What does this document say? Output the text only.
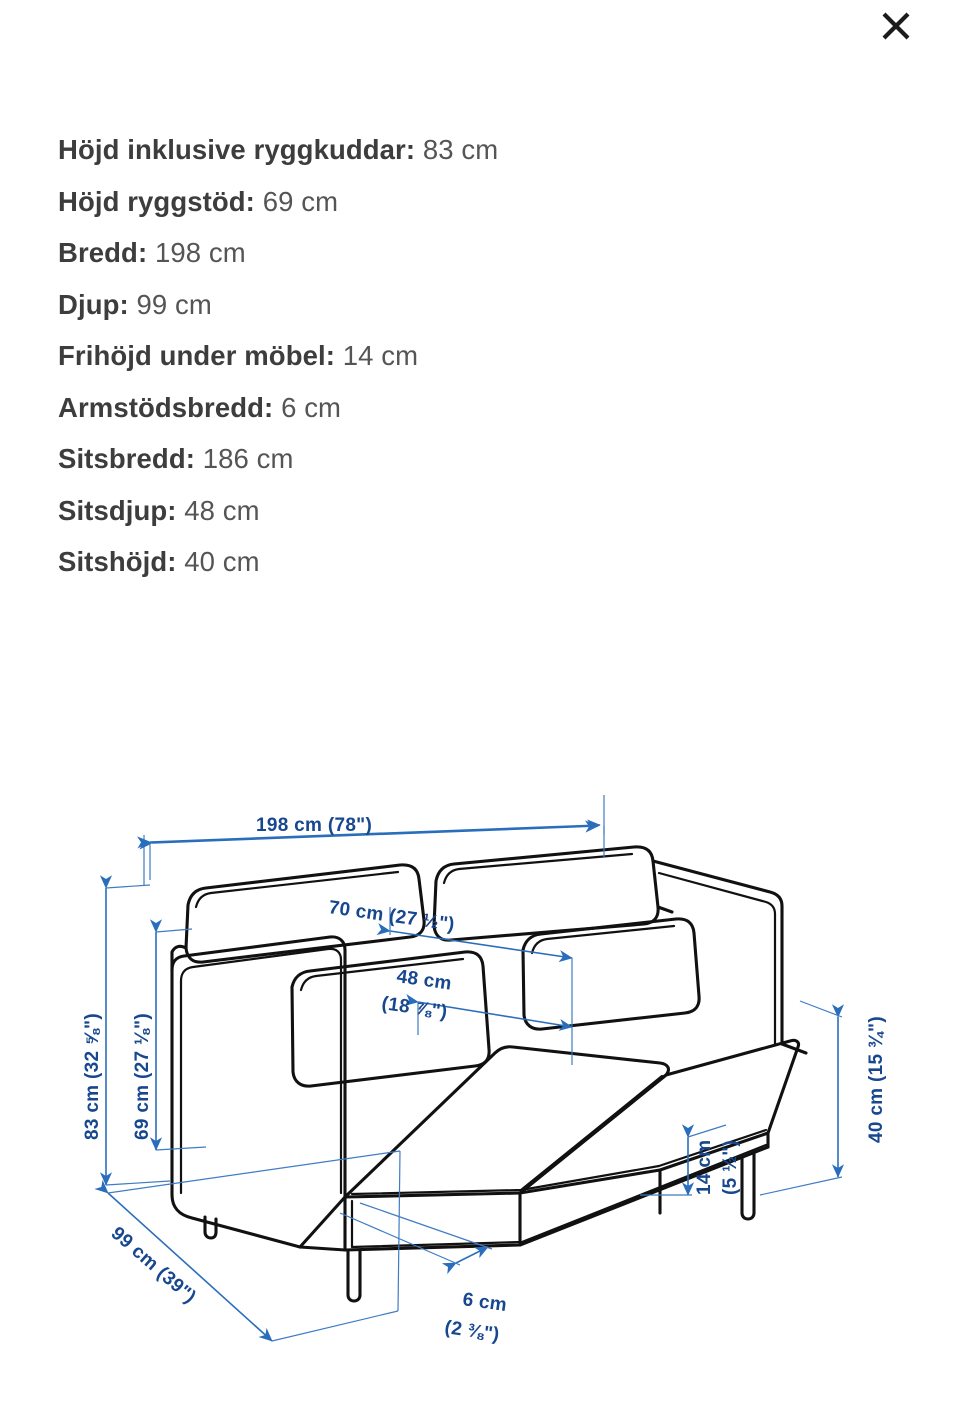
Höjd inklusive ryggkuddar: 83 cm
Höjd ryggstöd: 69 cm
Bredd: 198 cm
Djup: 99 cm
Frihöjd under möbel: 14 cm
Armstödsbredd: 6 cm
Sitsbredd: 186 cm
Sitsdjup: 48 cm
Sitshöjd: 40 cm
198 cm (78")
83 cm (32 ⅝") 69 cm (27 ⅛")
70 cm (27 ½")
48 cm
(18 ⅞")
99 cm (39")	6 cm
(2 ⅜")
14 cm (5 ½")
40 cm (15 ¾")
